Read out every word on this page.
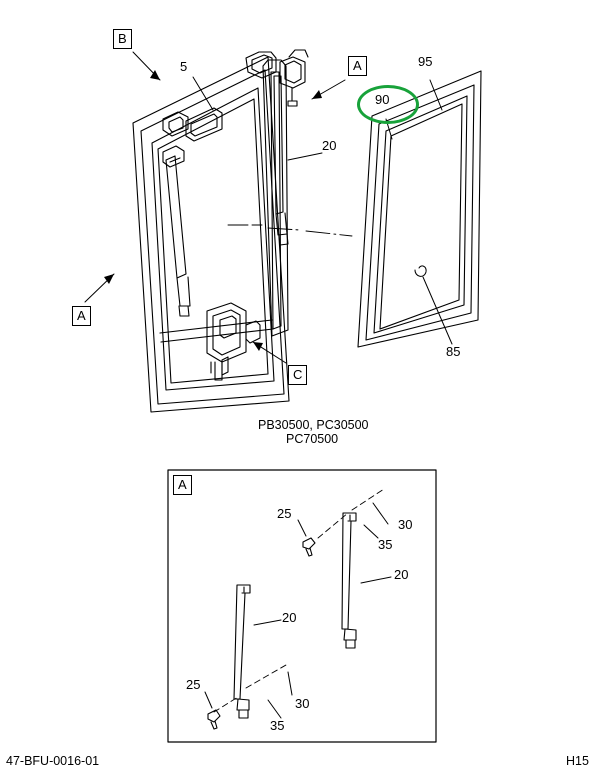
B
A
A
C
5
20
95
85
90
PB30500, PC30500
PC70500
A
25
30
35
20
20
25
30
35
47-BFU-0016-01	H15
